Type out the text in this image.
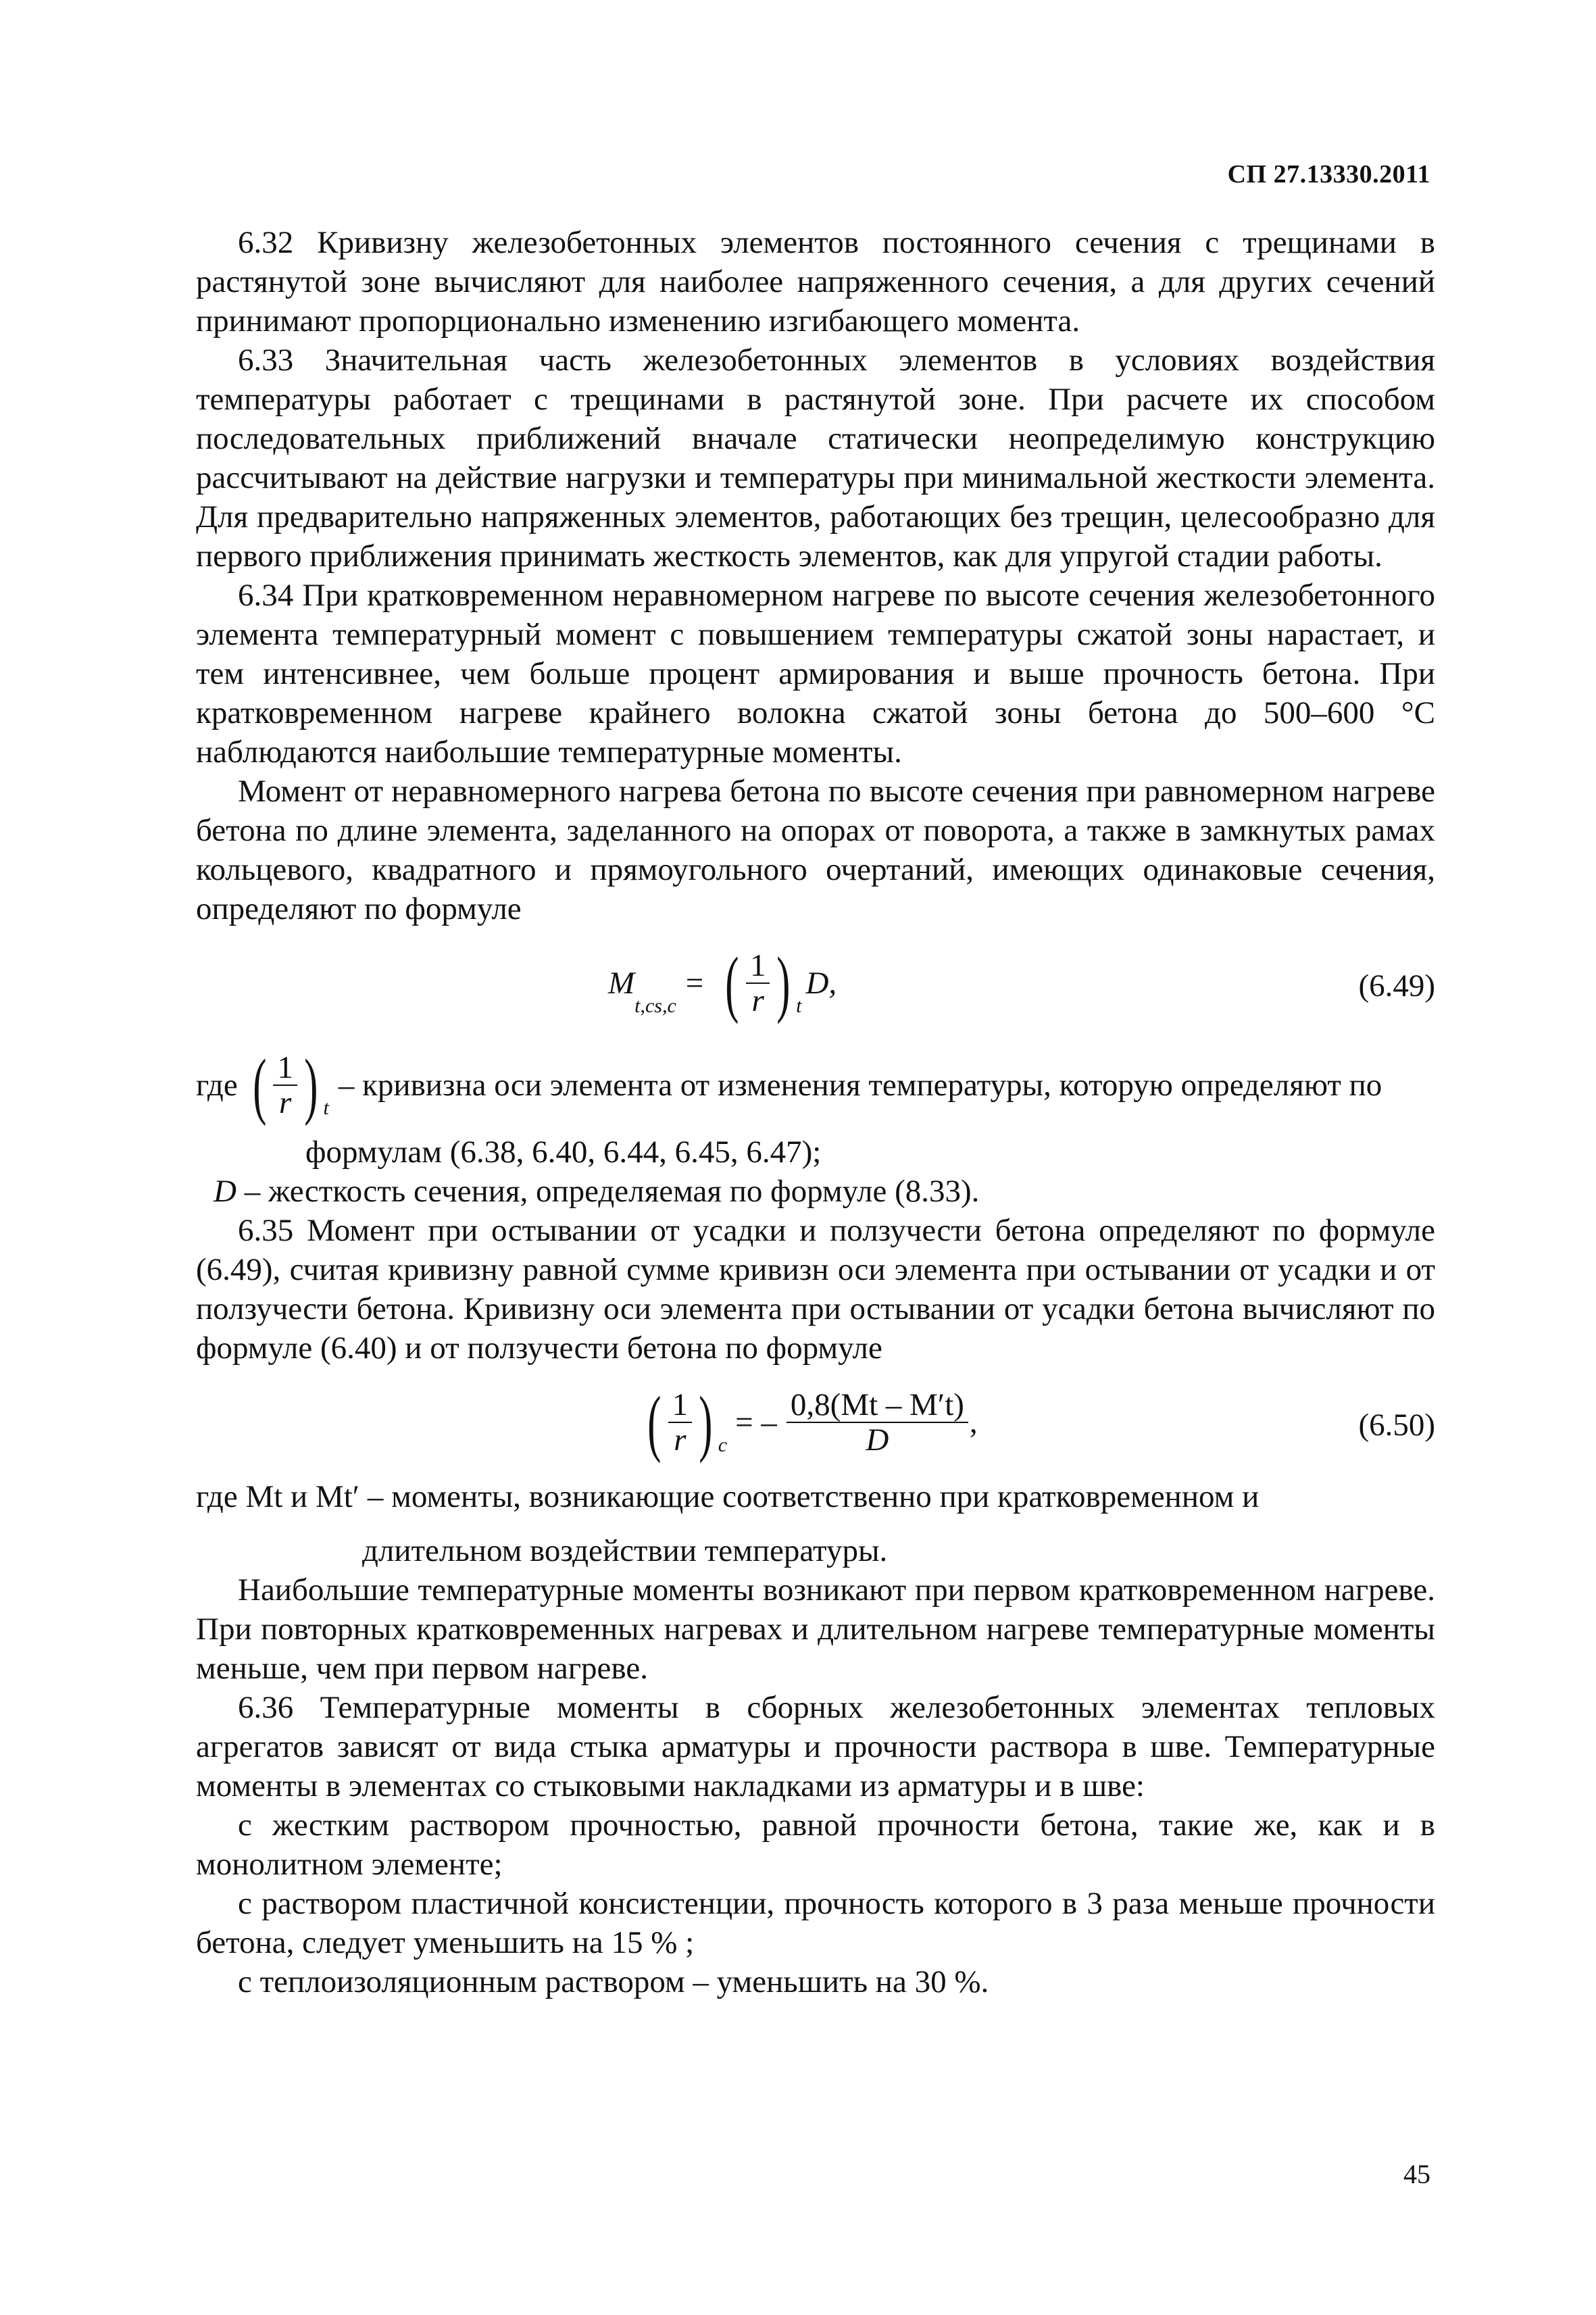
СП 27.13330.2011

6.32 Кривизну железобетонных элементов постоянного сечения с трещинами в растянутой зоне вычисляют для наиболее напряженного сечения, а для других сечений принимают пропорционально изменению изгибающего момента.

6.33 Значительная часть железобетонных элементов в условиях воздействия температуры работает с трещинами в растянутой зоне. При расчете их способом последовательных приближений вначале статически неопределимую конструкцию рассчитывают на действие нагрузки и температуры при минимальной жесткости элемента. Для предварительно напряженных элементов, работающих без трещин, целесообразно для первого приближения принимать жесткость элементов, как для упругой стадии работы.

6.34 При кратковременном неравномерном нагреве по высоте сечения железобетонного элемента температурный момент с повышением температуры сжатой зоны нарастает, и тем интенсивнее, чем больше процент армирования и выше прочность бетона. При кратковременном нагреве крайнего волокна сжатой зоны бетона до 500–600 °С наблюдаются наибольшие температурные моменты.

Момент от неравномерного нагрева бетона по высоте сечения при равномерном нагреве бетона по длине элемента, заделанного на опорах от поворота, а также в замкнутых рамах кольцевого, квадратного и прямоугольного очертаний, имеющих одинаковые сечения, определяют по формуле

M
t,cs,c
= ( $\frac{1}{r}$ ) t
D,	(6.49)
где ( $\frac{1}{r}$ ) t
– кривизна оси элемента от изменения температуры, которую определяют по

формулам (6.38, 6.40, 6.44, 6.45, 6.47);

D – жесткость сечения, определяемая по формуле (8.33).

6.35 Момент при остывании от усадки и ползучести бетона определяют по формуле (6.49), считая кривизну равной сумме кривизн оси элемента при остывании от усадки и от ползучести бетона. Кривизну оси элемента при остывании от усадки бетона вычисляют по формуле (6.40) и от ползучести бетона по формуле

( $\frac{1}{r}$ ) c
= – $\frac{0,8(Mt - M't)}{D}$ ,	(6.50)

где Mt и Mt′ – моменты, возникающие соответственно при кратковременном и

длительном воздействии температуры.

Наибольшие температурные моменты возникают при первом кратковременном нагреве. При повторных кратковременных нагревах и длительном нагреве температурные моменты меньше, чем при первом нагреве.

6.36 Температурные моменты в сборных железобетонных элементах тепловых агрегатов зависят от вида стыка арматуры и прочности раствора в шве. Температурные моменты в элементах со стыковыми накладками из арматуры и в шве:

с жестким раствором прочностью, равной прочности бетона, такие же, как и в монолитном элементе;

с раствором пластичной консистенции, прочность которого в 3 раза меньше прочности бетона, следует уменьшить на 15 % ;

с теплоизоляционным раствором – уменьшить на 30 %.

45
